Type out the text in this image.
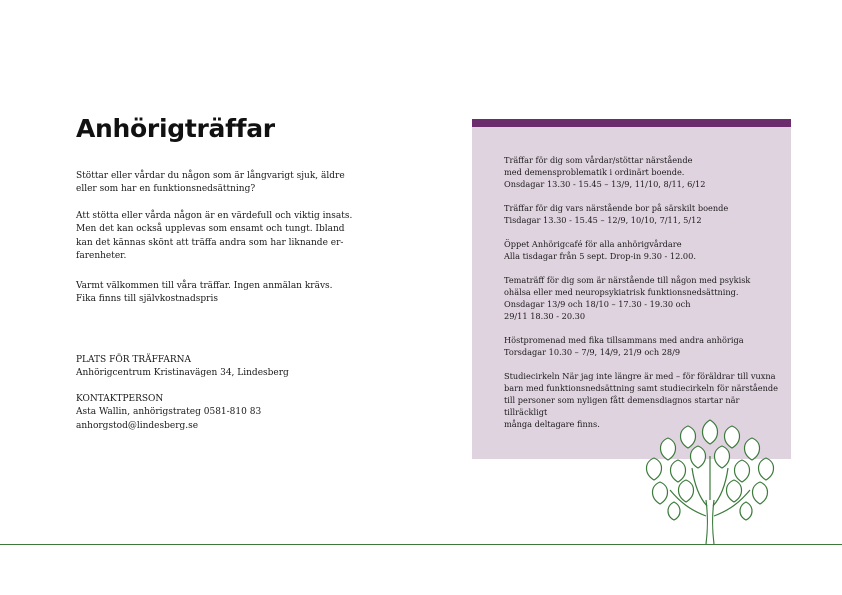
Anhörigträffar

Stöttar eller vårdar du någon som är långvarigt sjuk, äldre

eller som har en funktionsnedsättning?

Att stötta eller vårda någon är en värdefull och viktig insats.

Men det kan också upplevas som ensamt och tungt. Ibland

kan det kännas skönt att träffa andra som har liknande er-

farenheter.

Varmt välkommen till våra träffar. Ingen anmälan krävs.

Fika finns till självkostnadspris

PLATS FÖR TRÄFFARNA

Anhörigcentrum Kristinavägen 34, Lindesberg

KONTAKTPERSON

Asta Wallin, anhörigstrateg 0581-810 83

anhorgstod@lindesberg.se

Träffar för dig som vårdar/stöttar närstående
med demensproblematik i ordinärt boende.
Onsdagar 13.30 - 15.45 – 13/9, 11/10, 8/11, 6/12

Träffar för dig vars närstående bor på särskilt boende
Tisdagar 13.30 - 15.45 – 12/9, 10/10, 7/11, 5/12

Öppet Anhörigcafé för alla anhörigvårdare
Alla tisdagar från 5 sept. Drop-in 9.30 - 12.00.

Tematräff för dig som är närstående till någon med psykisk
ohälsa eller med neuropsykiatrisk funktionsnedsättning.
Onsdagar 13/9 och 18/10 – 17.30 - 19.30 och
29/11 18.30 - 20.30

Höstpromenad med fika tillsammans med andra anhöriga
Torsdagar 10.30 – 7/9, 14/9, 21/9 och 28/9

Studiecirkeln När jag inte längre är med – för föräldrar till vuxna
barn med funktionsnedsättning samt studiecirkeln för närstående
till personer som nyligen fått demensdiagnos startar när tillräckligt
många deltagare finns.
